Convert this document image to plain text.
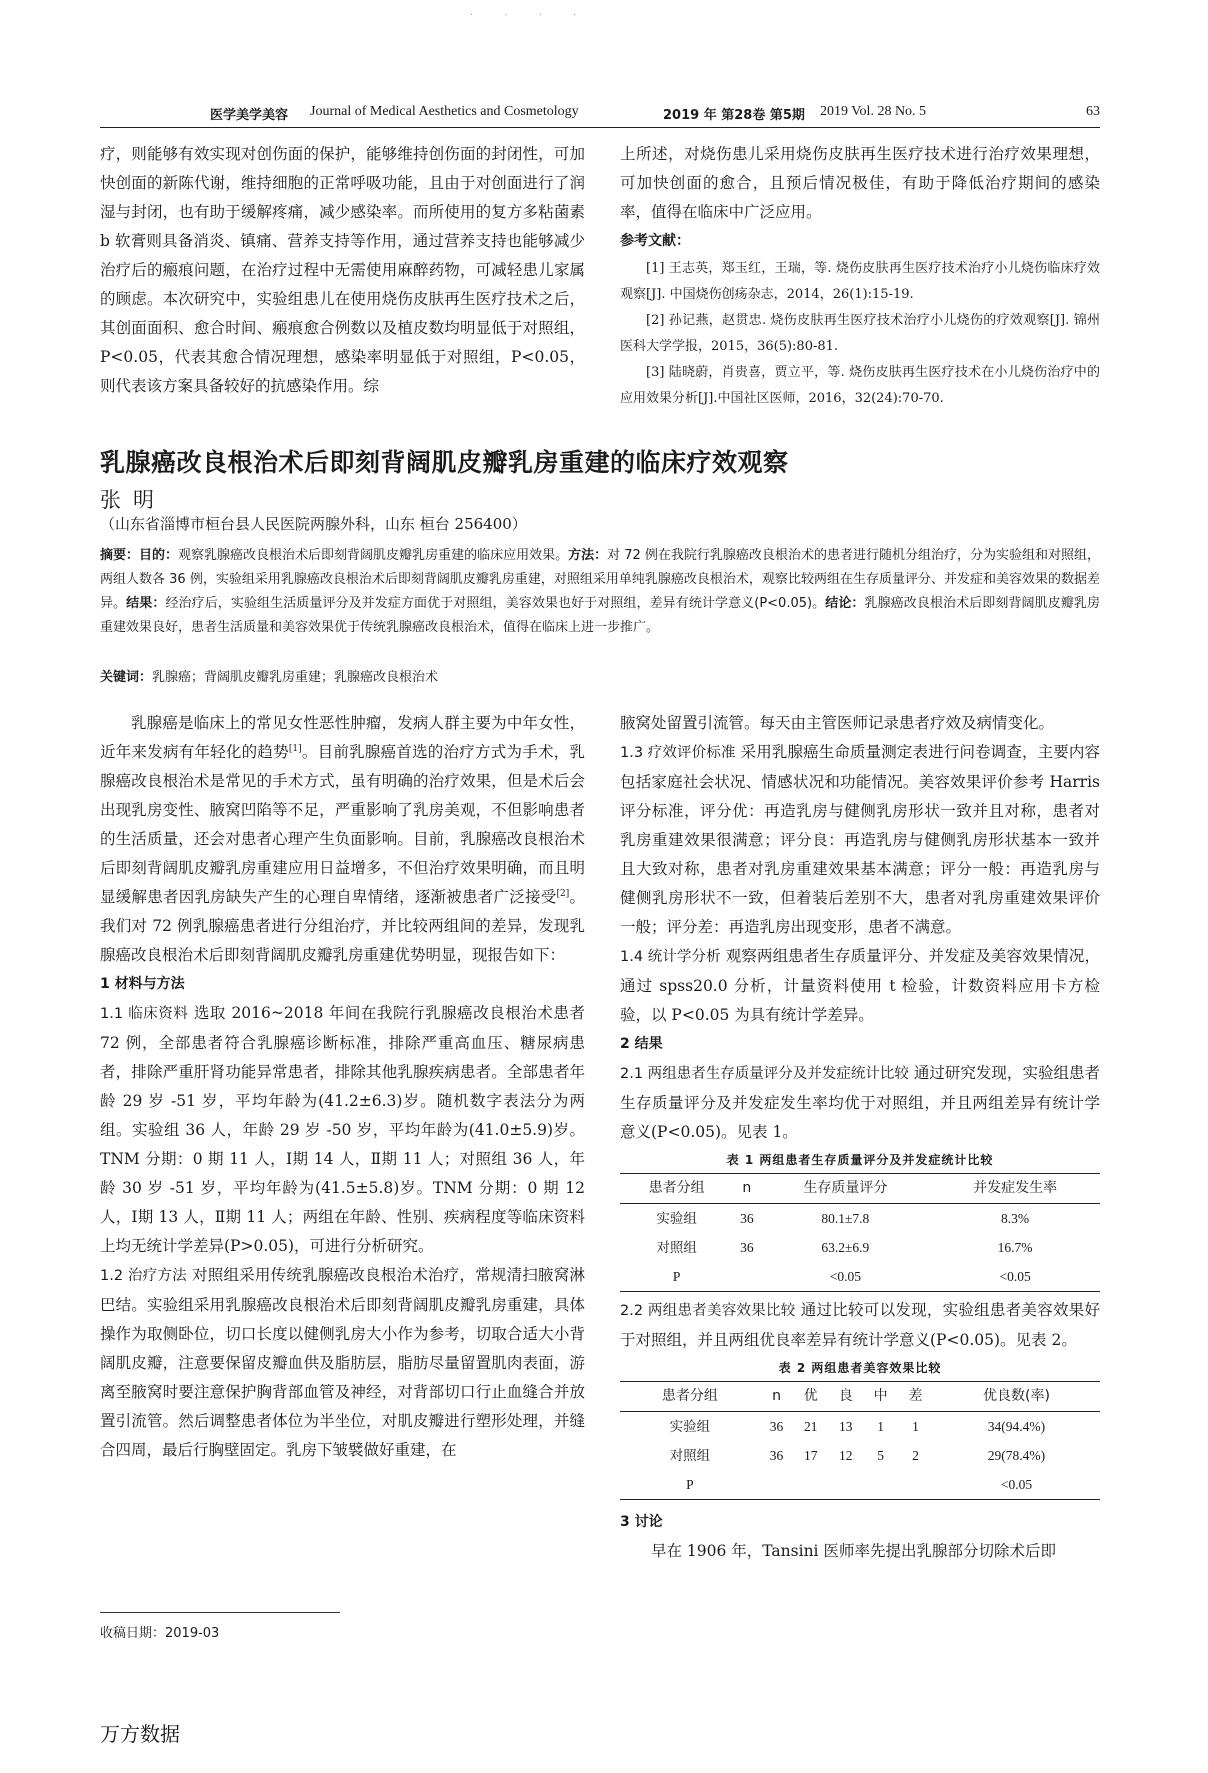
· · · ·
医学美学美容 Journal of Medical Aesthetics and Cosmetology	2019 年 第28卷 第5期 2019 Vol. 28 No. 5	63

疗，则能够有效实现对创伤面的保护，能够维持创伤面的封闭性，可加快创面的新陈代谢，维持细胞的正常呼吸功能，且由于对创面进行了润湿与封闭，也有助于缓解疼痛，减少感染率。而所使用的复方多粘菌素 b 软膏则具备消炎、镇痛、营养支持等作用，通过营养支持也能够减少治疗后的瘢痕问题，在治疗过程中无需使用麻醉药物，可减轻患儿家属的顾虑。本次研究中，实验组患儿在使用烧伤皮肤再生医疗技术之后，其创面面积、愈合时间、瘢痕愈合例数以及植皮数均明显低于对照组，P<0.05，代表其愈合情况理想，感染率明显低于对照组，P<0.05，则代表该方案具备较好的抗感染作用。综

上所述，对烧伤患儿采用烧伤皮肤再生医疗技术进行治疗效果理想，可加快创面的愈合，且预后情况极佳，有助于降低治疗期间的感染率，值得在临床中广泛应用。

参考文献：

[1] 王志英，郑玉红，王瑞，等. 烧伤皮肤再生医疗技术治疗小儿烧伤临床疗效观察[J]. 中国烧伤创疡杂志，2014，26(1):15-19.

[2] 孙记燕，赵贯忠. 烧伤皮肤再生医疗技术治疗小儿烧伤的疗效观察[J]. 锦州医科大学学报，2015，36(5):80-81.

[3] 陆晓蔚，肖贵喜，贾立平，等. 烧伤皮肤再生医疗技术在小儿烧伤治疗中的应用效果分析[J].中国社区医师，2016，32(24):70-70.

乳腺癌改良根治术后即刻背阔肌皮瓣乳房重建的临床疗效观察
张明
（山东省淄博市桓台县人民医院两腺外科，山东 桓台 256400）
摘要：目的：观察乳腺癌改良根治术后即刻背阔肌皮瓣乳房重建的临床应用效果。方法：对 72 例在我院行乳腺癌改良根治术的患者进行随机分组治疗，分为实验组和对照组，两组人数各 36 例，实验组采用乳腺癌改良根治术后即刻背阔肌皮瓣乳房重建，对照组采用单纯乳腺癌改良根治术，观察比较两组在生存质量评分、并发症和美容效果的数据差异。结果：经治疗后，实验组生活质量评分及并发症方面优于对照组，美容效果也好于对照组，差异有统计学意义(P<0.05)。结论：乳腺癌改良根治术后即刻背阔肌皮瓣乳房重建效果良好，患者生活质量和美容效果优于传统乳腺癌改良根治术，值得在临床上进一步推广。
关键词：乳腺癌；背阔肌皮瓣乳房重建；乳腺癌改良根治术

乳腺癌是临床上的常见女性恶性肿瘤，发病人群主要为中年女性，近年来发病有年轻化的趋势[1]。目前乳腺癌首选的治疗方式为手术，乳腺癌改良根治术是常见的手术方式，虽有明确的治疗效果，但是术后会出现乳房变性、腋窝凹陷等不足，严重影响了乳房美观，不但影响患者的生活质量，还会对患者心理产生负面影响。目前，乳腺癌改良根治术后即刻背阔肌皮瓣乳房重建应用日益增多，不但治疗效果明确，而且明显缓解患者因乳房缺失产生的心理自卑情绪，逐渐被患者广泛接受[2]。我们对 72 例乳腺癌患者进行分组治疗，并比较两组间的差异，发现乳腺癌改良根治术后即刻背阔肌皮瓣乳房重建优势明显，现报告如下：

1 材料与方法

1.1 临床资料 选取 2016~2018 年间在我院行乳腺癌改良根治术患者 72 例，全部患者符合乳腺癌诊断标准，排除严重高血压、糖尿病患者，排除严重肝肾功能异常患者，排除其他乳腺疾病患者。全部患者年龄 29 岁 -51 岁，平均年龄为(41.2±6.3)岁。随机数字表法分为两组。实验组 36 人，年龄 29 岁 -50 岁，平均年龄为(41.0±5.9)岁。TNM 分期：0 期 11 人，Ⅰ期 14 人，Ⅱ期 11 人；对照组 36 人，年龄 30 岁 -51 岁，平均年龄为(41.5±5.8)岁。TNM 分期：0 期 12 人，Ⅰ期 13 人，Ⅱ期 11 人；两组在年龄、性别、疾病程度等临床资料上均无统计学差异(P>0.05)，可进行分析研究。

1.2 治疗方法 对照组采用传统乳腺癌改良根治术治疗，常规清扫腋窝淋巴结。实验组采用乳腺癌改良根治术后即刻背阔肌皮瓣乳房重建，具体操作为取侧卧位，切口长度以健侧乳房大小作为参考，切取合适大小背阔肌皮瓣，注意要保留皮瓣血供及脂肪层，脂肪尽量留置肌肉表面，游离至腋窝时要注意保护胸背部血管及神经，对背部切口行止血缝合并放置引流管。然后调整患者体位为半坐位，对肌皮瓣进行塑形处理，并缝合四周，最后行胸壁固定。乳房下皱襞做好重建，在

腋窝处留置引流管。每天由主管医师记录患者疗效及病情变化。

1.3 疗效评价标准 采用乳腺癌生命质量测定表进行问卷调查，主要内容包括家庭社会状况、情感状况和功能情况。美容效果评价参考 Harris 评分标准，评分优：再造乳房与健侧乳房形状一致并且对称，患者对乳房重建效果很满意；评分良：再造乳房与健侧乳房形状基本一致并且大致对称，患者对乳房重建效果基本满意；评分一般：再造乳房与健侧乳房形状不一致，但着装后差别不大，患者对乳房重建效果评价一般；评分差：再造乳房出现变形，患者不满意。

1.4 统计学分析 观察两组患者生存质量评分、并发症及美容效果情况，通过 spss20.0 分析，计量资料使用 t 检验，计数资料应用卡方检验，以 P<0.05 为具有统计学差异。

2 结果

2.1 两组患者生存质量评分及并发症统计比较 通过研究发现，实验组患者生存质量评分及并发症发生率均优于对照组，并且两组差异有统计学意义(P<0.05)。见表 1。

表 1 两组患者生存质量评分及并发症统计比较
患者分组	n	生存质量评分	并发症发生率
实验组	36	80.1±7.8	8.3%
对照组	36	63.2±6.9	16.7%
P		<0.05	<0.05

2.2 两组患者美容效果比较 通过比较可以发现，实验组患者美容效果好于对照组，并且两组优良率差异有统计学意义(P<0.05)。见表 2。

表 2 两组患者美容效果比较
患者分组	n	优	良	中	差	优良数(率)
实验组	36	21	13	1	1	34(94.4%)
对照组	36	17	12	5	2	29(78.4%)
P						<0.05

3 讨论

早在 1906 年，Tansini 医师率先提出乳腺部分切除术后即

收稿日期：2019-03
万方数据
